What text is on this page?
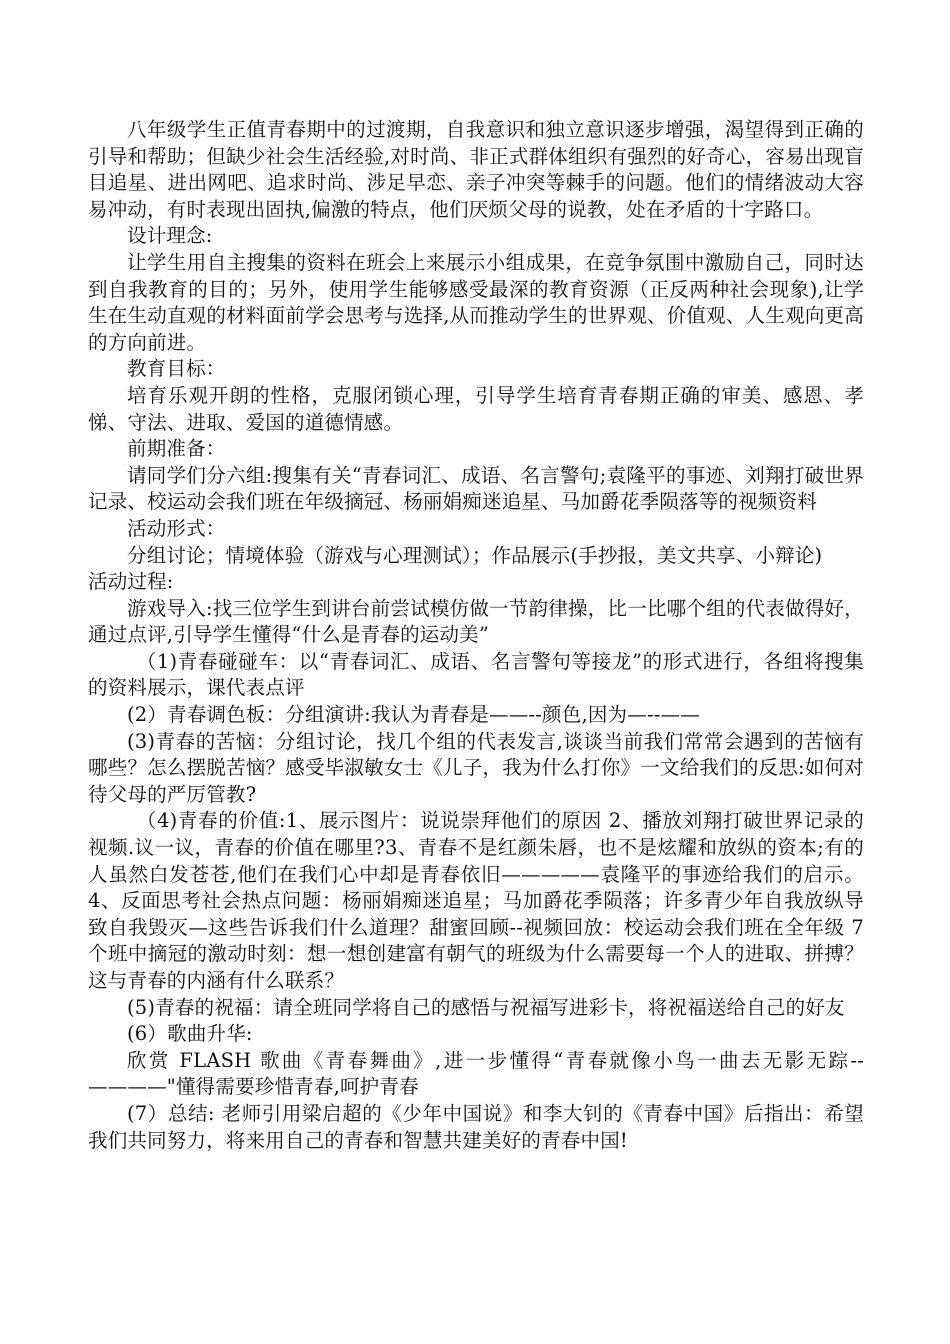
八年级学生正值青春期中的过渡期，自我意识和独立意识逐步增强，渴望得到正确的引导和帮助；但缺少社会生活经验,对时尚、非正式群体组织有强烈的好奇心，容易出现盲目追星、进出网吧、追求时尚、涉足早恋、亲子冲突等棘手的问题。他们的情绪波动大容易冲动，有时表现出固执,偏激的特点，他们厌烦父母的说教，处在矛盾的十字路口。

设计理念:

让学生用自主搜集的资料在班会上来展示小组成果，在竞争氛围中激励自己，同时达到自我教育的目的；另外，使用学生能够感受最深的教育资源（正反两种社会现象),让学生在生动直观的材料面前学会思考与选择,从而推动学生的世界观、价值观、人生观向更高的方向前进。

教育目标：

培育乐观开朗的性格，克服闭锁心理，引导学生培育青春期正确的审美、感恩、孝悌、守法、进取、爱国的道德情感。

前期准备：

请同学们分六组:搜集有关“青春词汇、成语、名言警句;袁隆平的事迹、刘翔打破世界记录、校运动会我们班在年级摘冠、杨丽娟痴迷追星、马加爵花季陨落等的视频资料

活动形式：

分组讨论；情境体验（游戏与心理测试）；作品展示(手抄报，美文共享、小辩论)

活动过程:

游戏导入:找三位学生到讲台前尝试模仿做一节韵律操，比一比哪个组的代表做得好，通过点评,引导学生懂得“什么是青春的运动美”

（1)青春碰碰车：以“青春词汇、成语、名言警句等接龙”的形式进行，各组将搜集的资料展示，课代表点评

(2）青春调色板：分组演讲:我认为青春是——--颜色,因为—--——

(3)青春的苦恼：分组讨论，找几个组的代表发言,谈谈当前我们常常会遇到的苦恼有哪些？怎么摆脱苦恼？感受毕淑敏女士《儿子，我为什么打你》一文给我们的反思:如何对待父母的严厉管教?

（4)青春的价值:1、展示图片：说说崇拜他们的原因 2、播放刘翔打破世界记录的视频.议一议，青春的价值在哪里?3、青春不是红颜朱唇，也不是炫耀和放纵的资本;有的人虽然白发苍苍,他们在我们心中却是青春依旧—————袁隆平的事迹给我们的启示。4、反面思考社会热点问题：杨丽娟痴迷追星；马加爵花季陨落；许多青少年自我放纵导致自我毁灭—这些告诉我们什么道理？甜蜜回顾--视频回放：校运动会我们班在全年级 7 个班中摘冠的激动时刻：想一想创建富有朝气的班级为什么需要每一个人的进取、拼搏？这与青春的内涵有什么联系？

(5)青春的祝福：请全班同学将自己的感悟与祝福写进彩卡，将祝福送给自己的好友

(6）歌曲升华:

欣赏 FLASH 歌曲《青春舞曲》,进一步懂得“青春就像小鸟一曲去无影无踪--————"懂得需要珍惜青春,呵护青春

(7）总结: 老师引用梁启超的《少年中国说》和李大钊的《青春中国》后指出：希望我们共同努力，将来用自己的青春和智慧共建美好的青春中国!
